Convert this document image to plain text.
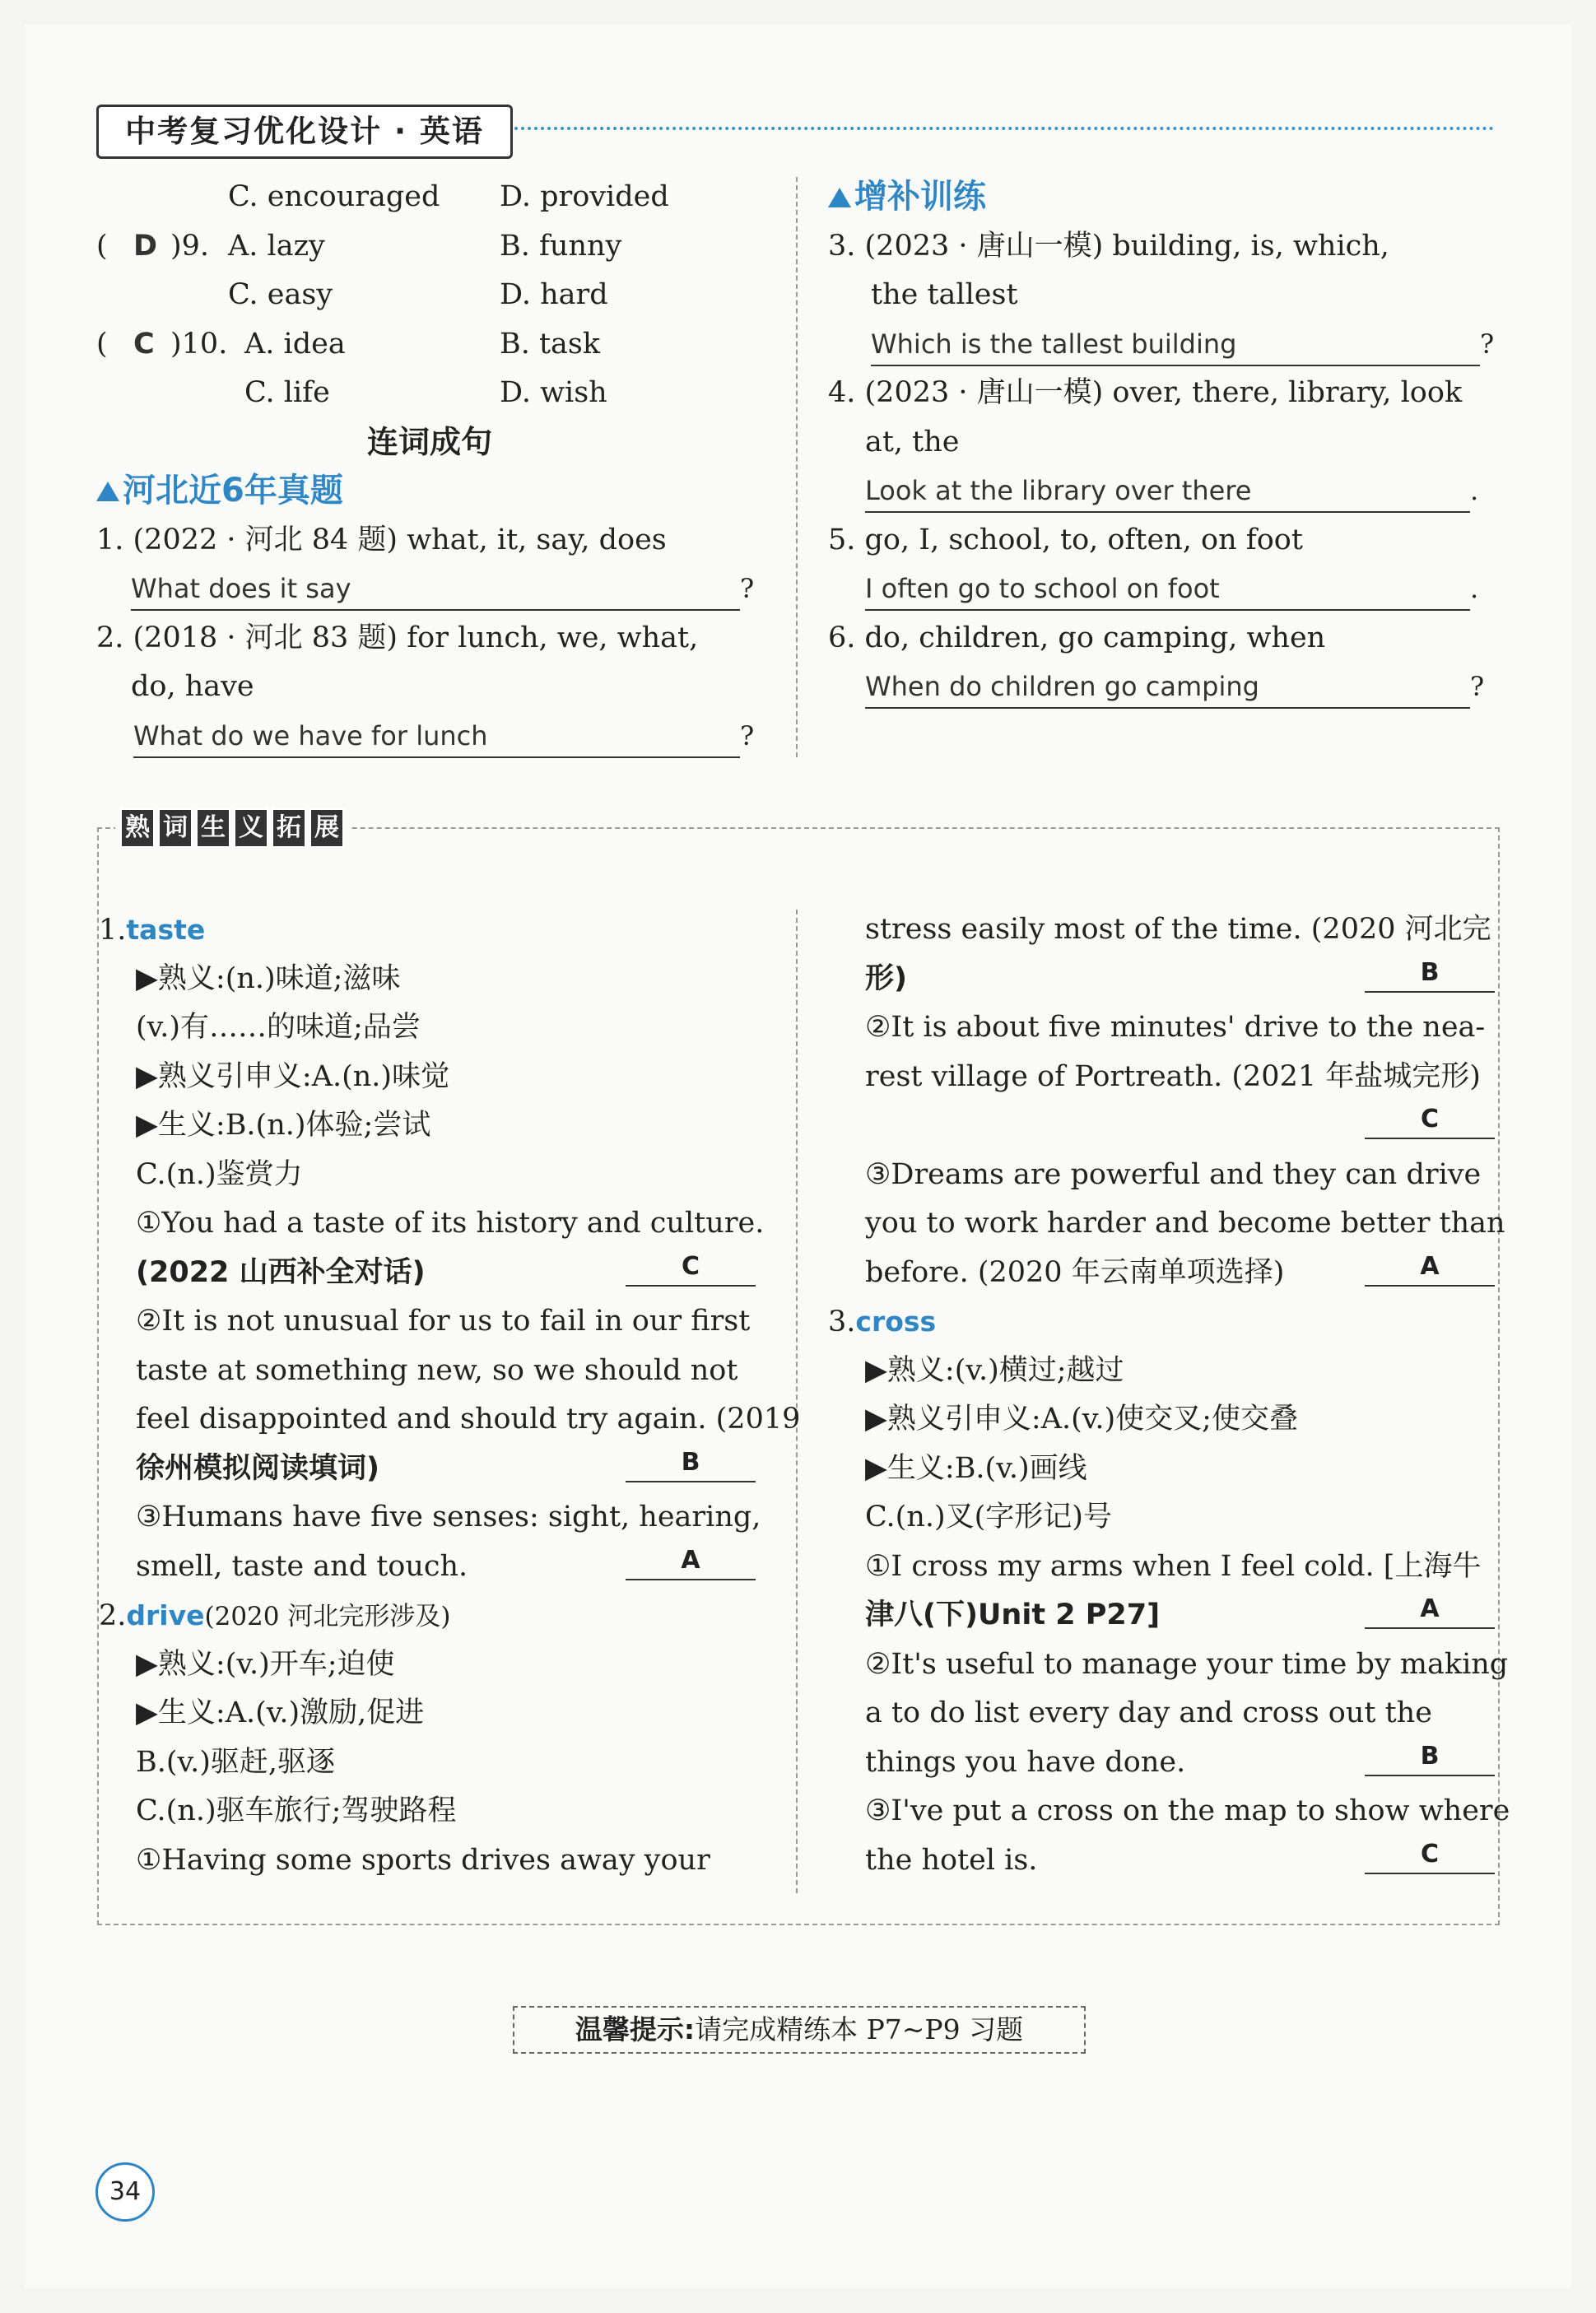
中考复习优化设计 · 英语
C. encouraged D. provided
( D )9. A. lazy	B. funny
C. easy	D. hard
( C )10. A. idea	B. task
C. life	D. wish
连词成句
河北近6年真题
1. (2022 · 河北 84 题) what, it, say, does
What does it say	?
2. (2018 · 河北 83 题) for lunch, we, what,
do, have
What do we have for lunch	?
增补训练
3. (2023 · 唐山一模) building, is, which,
the tallest
Which is the tallest building	?
4. (2023 · 唐山一模) over, there, library, look
at, the
Look at the library over there	.
5. go, I, school, to, often, on foot
I often go to school on foot	.
6. do, children, go camping, when
When do children go camping	?
熟 词 生 义 拓 展
1.taste
▶熟义:(n.)味道;滋味
(v.)有……的味道;品尝
▶熟义引申义:A.(n.)味觉
▶生义:B.(n.)体验;尝试
C.(n.)鉴赏力
①You had a taste of its history and culture.
(2022 山西补全对话)	C
②It is not unusual for us to fail in our first
taste at something new, so we should not
feel disappointed and should try again. (2019
徐州模拟阅读填词)	B
③Humans have five senses: sight, hearing,
smell, taste and touch.	A
2.drive(2020 河北完形涉及)
▶熟义:(v.)开车;迫使
▶生义:A.(v.)激励,促进
B.(v.)驱赶,驱逐
C.(n.)驱车旅行;驾驶路程
①Having some sports drives away your
stress easily most of the time. (2020 河北完
形)	B
②It is about five minutes' drive to the nea-
rest village of Portreath. (2021 年盐城完形)
C
③Dreams are powerful and they can drive
you to work harder and become better than
before. (2020 年云南单项选择)	A
3.cross
▶熟义:(v.)横过;越过
▶熟义引申义:A.(v.)使交叉;使交叠
▶生义:B.(v.)画线
C.(n.)叉(字形记)号
①I cross my arms when I feel cold. [上海牛
津八(下)Unit 2 P27]	A
②It's useful to manage your time by making
a to do list every day and cross out the
things you have done.	B
③I've put a cross on the map to show where
the hotel is.	C
温馨提示:请完成精练本 P7~P9 习题
34
